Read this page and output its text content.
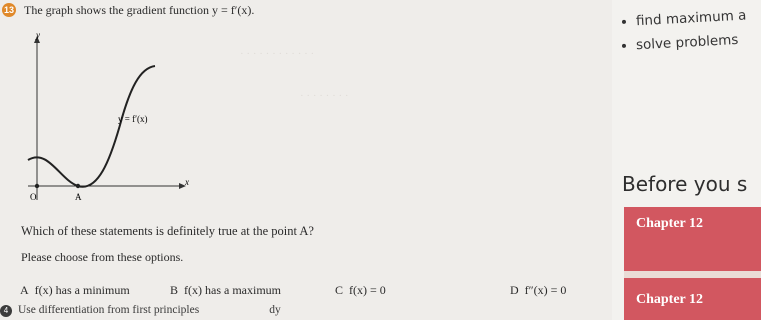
· · · · · · · · · · · ·
· · · · · · · ·
13 The graph shows the gradient function y = f′(x).
y
x
O	A
y = f′(x)
Which of these statements is definitely true at the point A?
Please choose from these options.
A f(x) has a minimum	B f(x) has a maximum	C f(x) = 0	D f″(x) = 0
4 Use differentiation from first principles	dy
find maximum a
solve problems
Before you s
Chapter 12
Chapter 12
